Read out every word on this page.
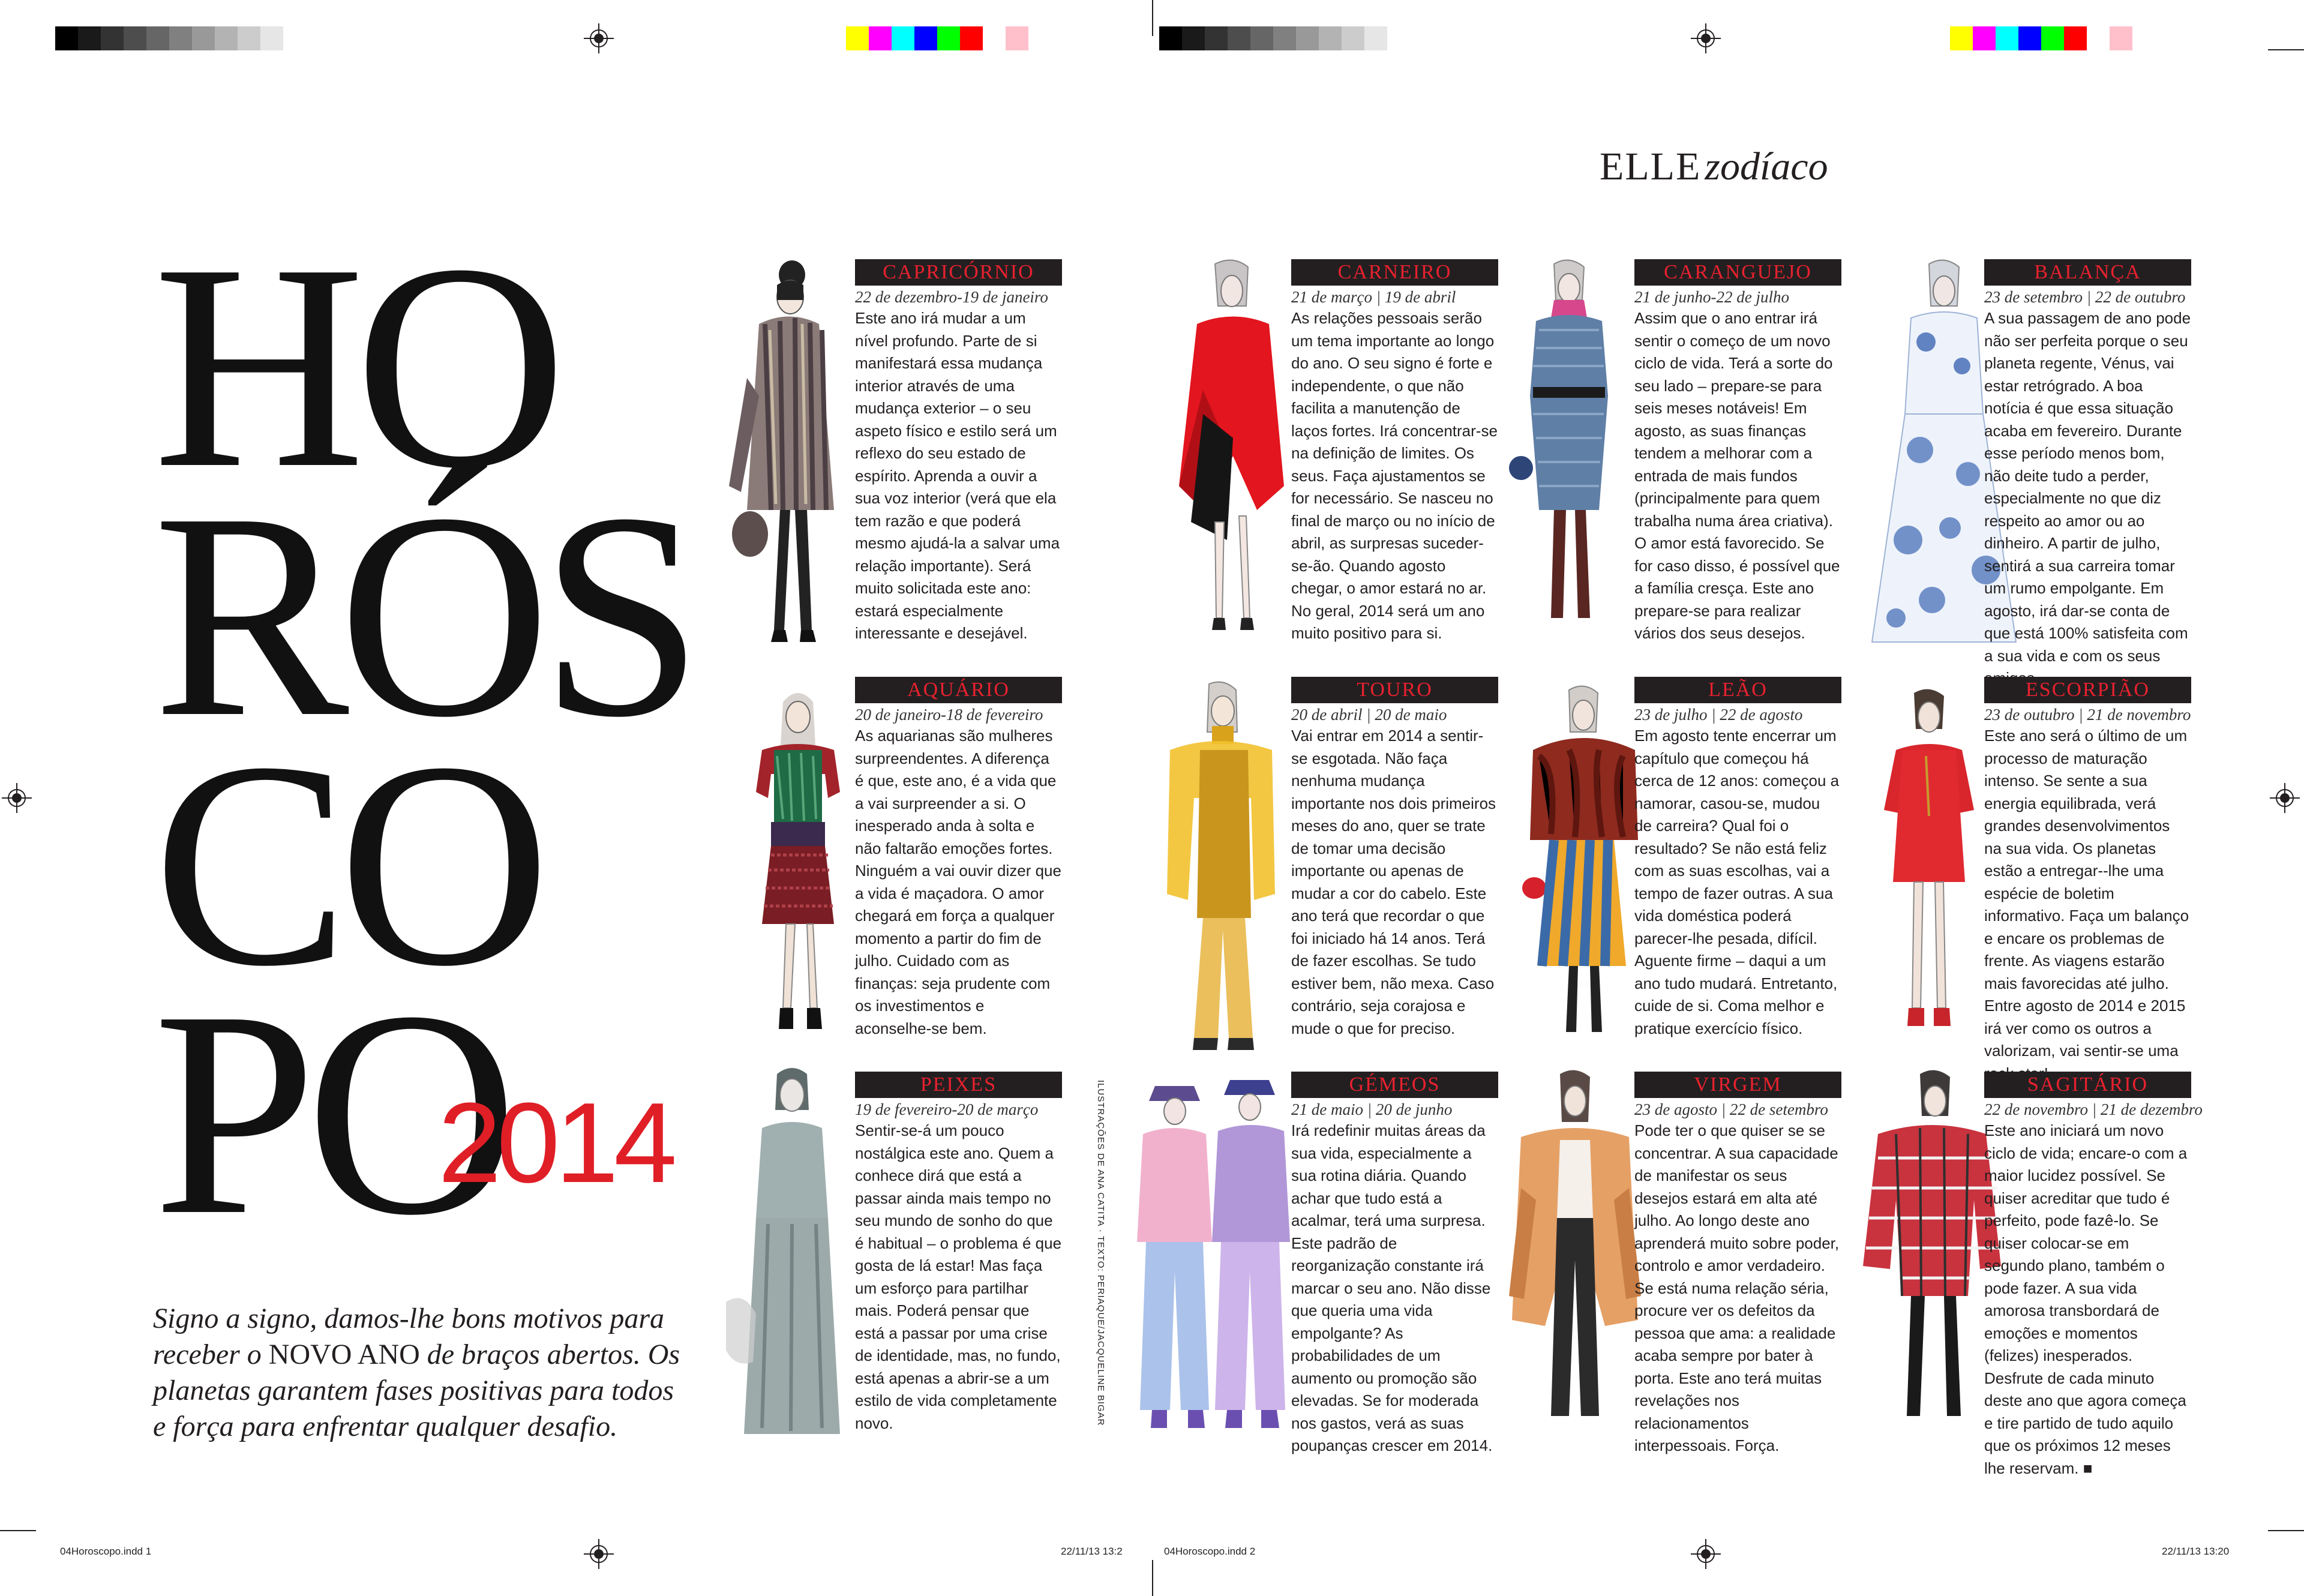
ELLEzodíaco
HO
RÓS
CO
PO
2014
Signo a signo, damos-lhe bons motivos para receber o NOVO ANO de braços abertos. Os planetas garantem fases positivas para todos e força para enfrentar qualquer desafio.
ILUSTRAÇÕES DE ANA CATITA · TEXTO: PERIAQUE/JACQUELINE BIGAR
CAPRICÓRNIO
22 de dezembro-19 de janeiro
Este ano irá mudar a um nível profundo. Parte de si manifestará essa mudança interior através de uma mudança exterior – o seu aspeto físico e estilo será um reflexo do seu estado de espírito. Aprenda a ouvir a sua voz interior (verá que ela tem razão e que poderá mesmo ajudá-la a salvar uma relação importante). Será muito solicitada este ano: estará especialmente interessante e desejável.
AQUÁRIO
20 de janeiro-18 de fevereiro
As aquarianas são mulheres surpreendentes. A diferença é que, este ano, é a vida que a vai surpreender a si. O inesperado anda à solta e não faltarão emoções fortes. Ninguém a vai ouvir dizer que a vida é maçadora. O amor chegará em força a qualquer momento a partir do fim de julho. Cuidado com as finanças: seja prudente com os investimentos e aconselhe-se bem.
PEIXES
19 de fevereiro-20 de março
Sentir-se-á um pouco nostálgica este ano. Quem a conhece dirá que está a passar ainda mais tempo no seu mundo de sonho do que é habitual – o problema é que gosta de lá estar! Mas faça um esforço para partilhar mais. Poderá pensar que está a passar por uma crise de identidade, mas, no fundo, está apenas a abrir-se a um estilo de vida completamente novo.
CARNEIRO
21 de março | 19 de abril
As relações pessoais serão um tema importante ao longo do ano. O seu signo é forte e independente, o que não facilita a manutenção de laços fortes. Irá concentrar-se na definição de limites. Os seus. Faça ajustamentos se for necessário. Se nasceu no final de março ou no início de abril, as surpresas suceder-se-ão. Quando agosto chegar, o amor estará no ar. No geral, 2014 será um ano muito positivo para si.
TOURO
20 de abril | 20 de maio
Vai entrar em 2014 a sentir-se esgotada. Não faça nenhuma mudança importante nos dois primeiros meses do ano, quer se trate de tomar uma decisão importante ou apenas de mudar a cor do cabelo. Este ano terá que recordar o que foi iniciado há 14 anos. Terá de fazer escolhas. Se tudo estiver bem, não mexa. Caso contrário, seja corajosa e mude o que for preciso.
GÉMEOS
21 de maio | 20 de junho
Irá redefinir muitas áreas da sua vida, especialmente a sua rotina diária. Quando achar que tudo está a acalmar, terá uma surpresa. Este padrão de reorganização constante irá marcar o seu ano. Não disse que queria uma vida empolgante? As probabilidades de um aumento ou promoção são elevadas. Se for moderada nos gastos, verá as suas poupanças crescer em 2014.
CARANGUEJO
21 de junho-22 de julho
Assim que o ano entrar irá sentir o começo de um novo ciclo de vida. Terá a sorte do seu lado – prepare-se para seis meses notáveis! Em agosto, as suas finanças tendem a melhorar com a entrada de mais fundos (principalmente para quem trabalha numa área criativa). O amor está favorecido. Se for caso disso, é possível que a família cresça. Este ano prepare-se para realizar vários dos seus desejos.
LEÃO
23 de julho | 22 de agosto
Em agosto tente encerrar um capítulo que começou há cerca de 12 anos: começou a namorar, casou-se, mudou de carreira? Qual foi o resultado? Se não está feliz com as suas escolhas, vai a tempo de fazer outras. A sua vida doméstica poderá parecer-lhe pesada, difícil. Aguente firme – daqui a um ano tudo mudará. Entretanto, cuide de si. Coma melhor e pratique exercício físico.
VIRGEM
23 de agosto | 22 de setembro
Pode ter o que quiser se se concentrar. A sua capacidade de manifestar os seus desejos estará em alta até julho. Ao longo deste ano aprenderá muito sobre poder, controlo e amor verdadeiro. Se está numa relação séria, procure ver os defeitos da pessoa que ama: a realidade acaba sempre por bater à porta. Este ano terá muitas revelações nos relacionamentos interpessoais. Força.
BALANÇA
23 de setembro | 22 de outubro
A sua passagem de ano pode não ser perfeita porque o seu planeta regente, Vénus, vai estar retrógrado. A boa notícia é que essa situação acaba em fevereiro. Durante esse período menos bom, não deite tudo a perder, especialmente no que diz respeito ao amor ou ao dinheiro. A partir de julho, sentirá a sua carreira tomar um rumo empolgante. Em agosto, irá dar-se conta de que está 100% satisfeita com a sua vida e com os seus
ESCORPIÃO
23 de outubro | 21 de novembro
Este ano será o último de um processo de maturação intenso. Se sente a sua energia equilibrada, verá grandes desenvolvimentos na sua vida. Os planetas estão a entregar--lhe uma espécie de boletim informativo. Faça um balanço e encare os problemas de frente. As viagens estarão mais favorecidas até julho. Entre agosto de 2014 e 2015 irá ver como os outros a valorizam, vai sentir-se uma
SAGITÁRIO
22 de novembro | 21 de dezembro
Este ano iniciará um novo ciclo de vida; encare-o com a maior lucidez possível. Se quiser acreditar que tudo é perfeito, pode fazê-lo. Se quiser colocar-se em segundo plano, também o pode fazer. A sua vida amorosa transbordará de emoções e momentos (felizes) inesperados. Desfrute de cada minuto deste ano que agora começa e tire partido de tudo aquilo que os próximos 12 meses lhe reservam. ■
04Horoscopo.indd 1	22/11/13 13:2	04Horoscopo.indd 2	22/11/13 13:20
